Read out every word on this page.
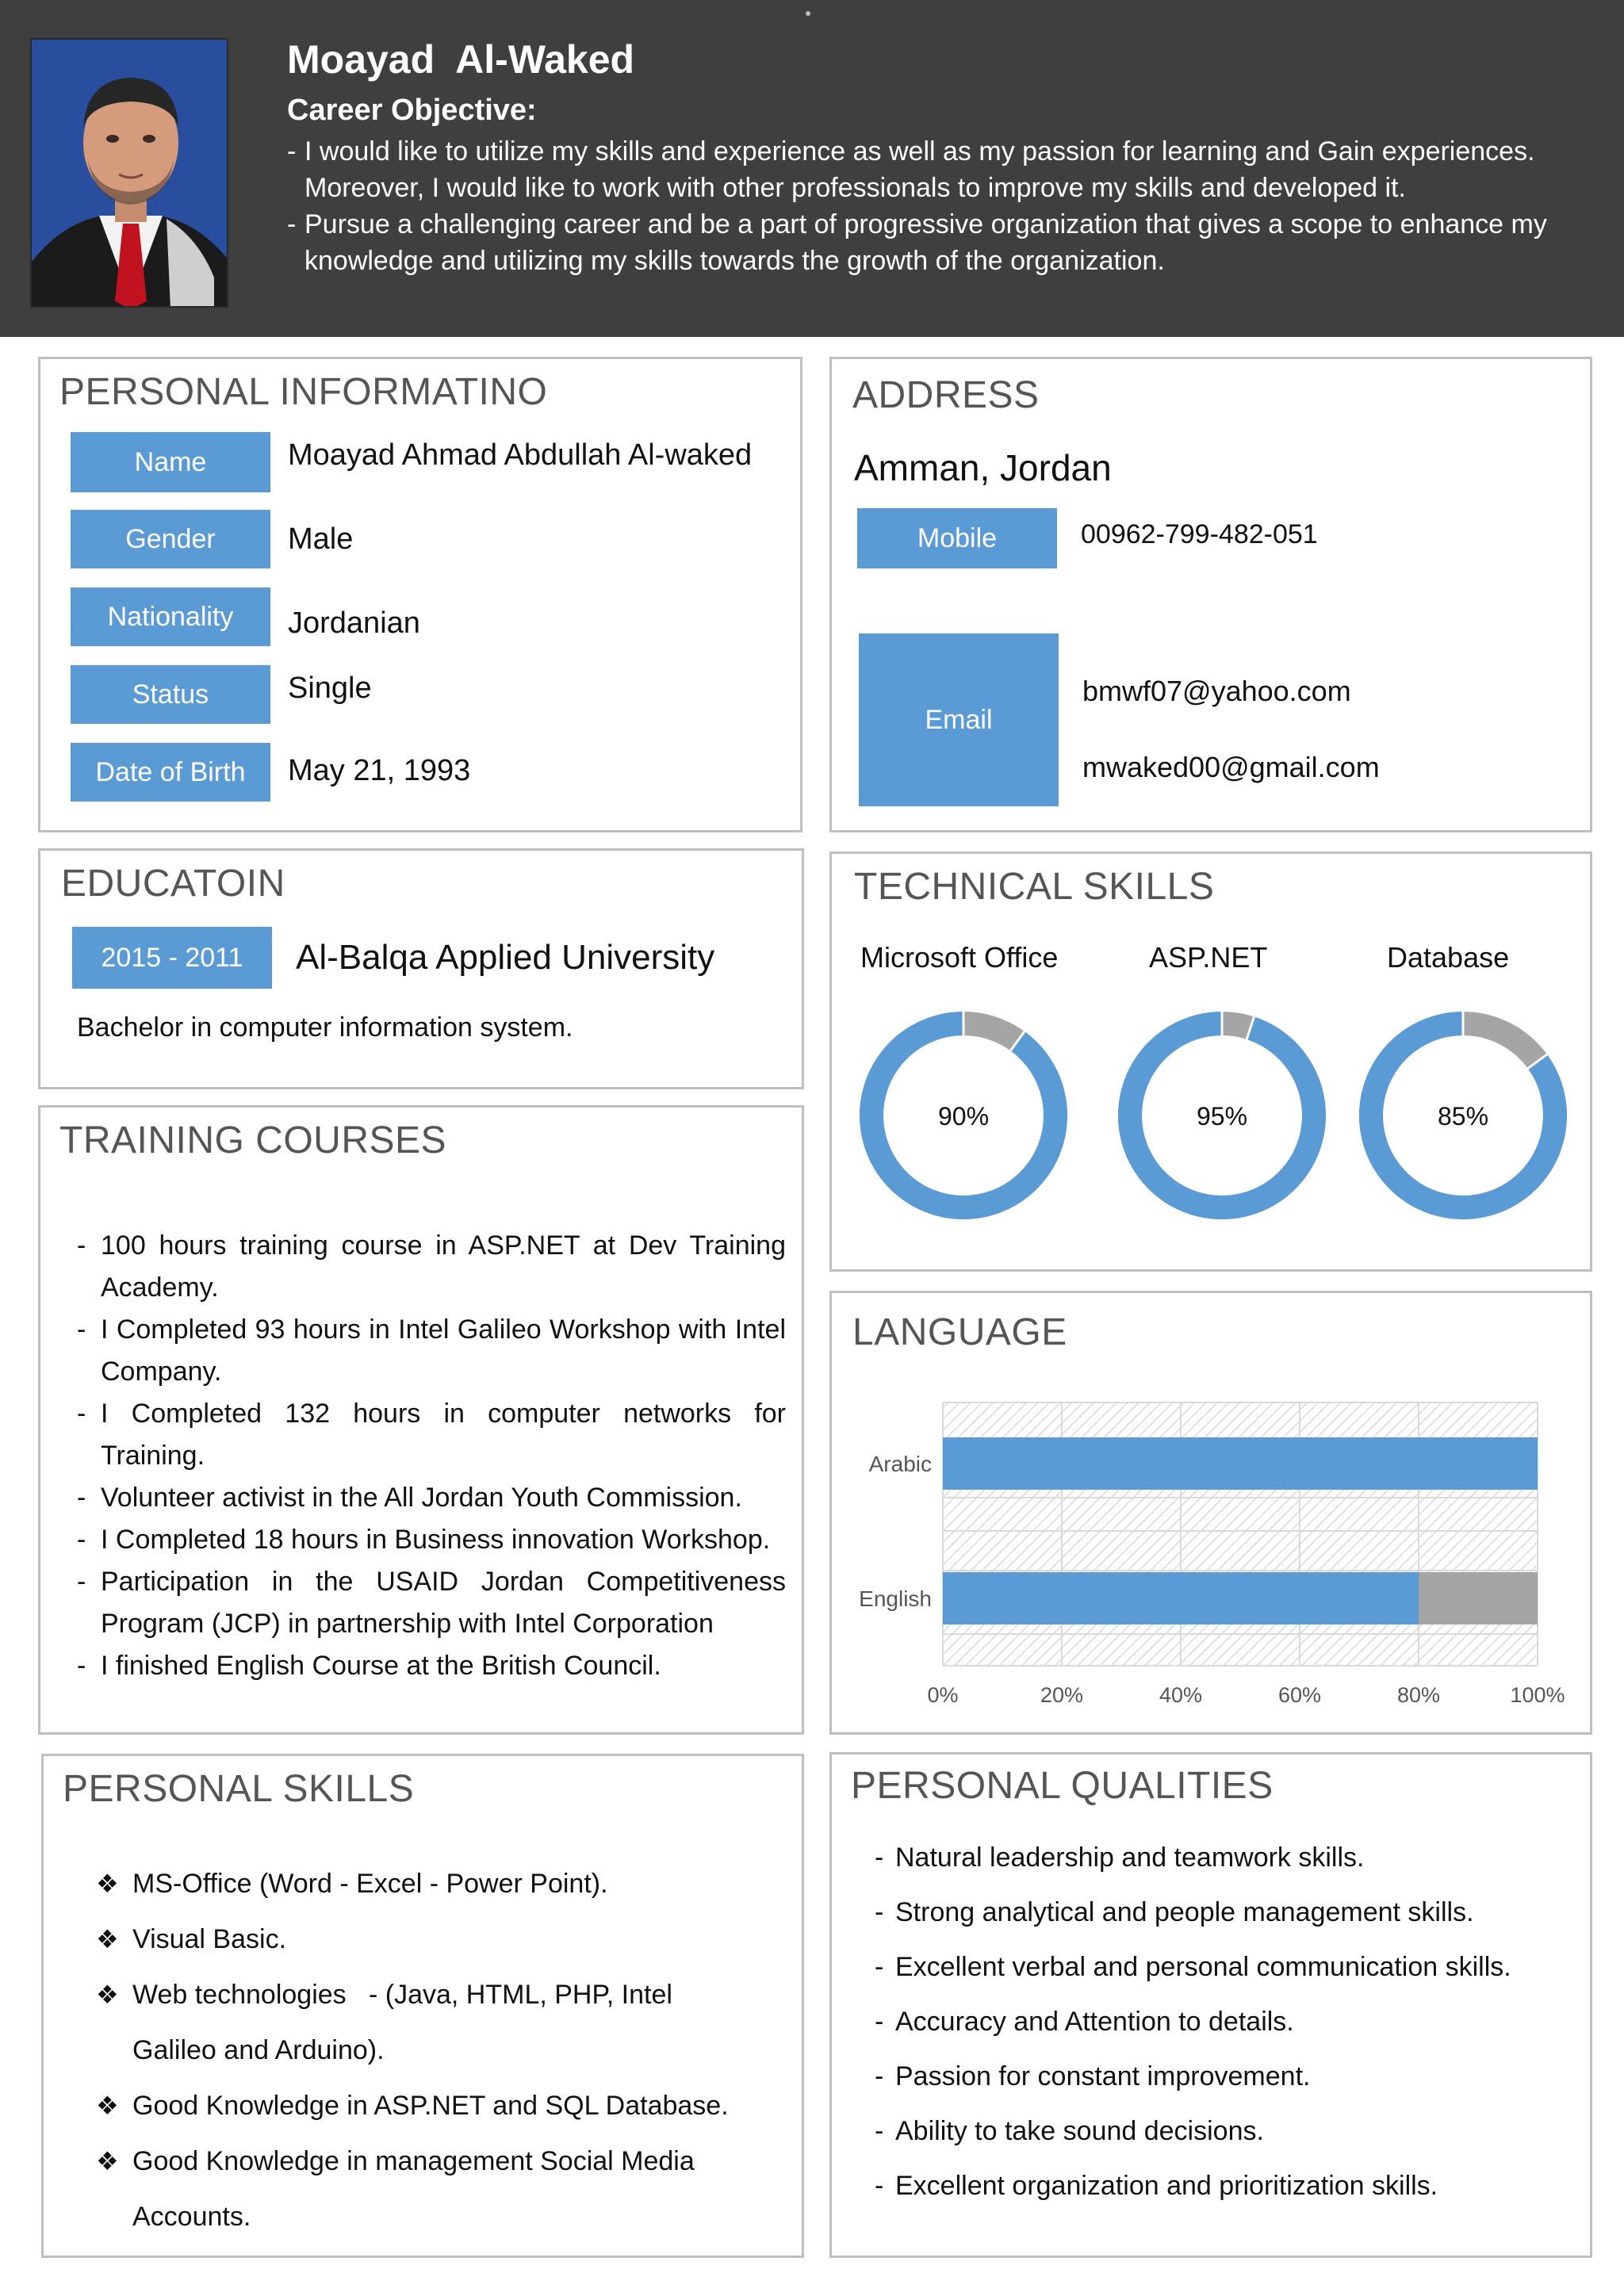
Moayad  Al-Waked
Career Objective:
- I would like to utilize my skills and experience as well as my passion for learning and Gain experiences.
Moreover, I would like to work with other professionals to improve my skills and developed it.
- Pursue a challenging career and be a part of progressive organization that gives a scope to enhance my
knowledge and utilizing my skills towards the growth of the organization.
PERSONAL INFORMATINO
Name	Moayad Ahmad Abdullah Al-waked
Gender	Male
Nationality	Jordanian
Status	Single
Date of Birth	May 21, 1993
ADDRESS
Amman, Jordan
Mobile	00962-799-482-051
Email
bmwf07@yahoo.com
mwaked00@gmail.com
EDUCATOIN
2015 - 2011	Al-Balqa Applied University
Bachelor in computer information system.
TECHNICAL SKILLS
Microsoft Office	ASP.NET	Database
90%	95%	85%
TRAINING COURSES
- 100 hours training course in ASP.NET at Dev Training Academy.
- I Completed 93 hours in Intel Galileo Workshop with Intel Company.
- I Completed 132 hours in computer networks for Training.
- Volunteer activist in the All Jordan Youth Commission.
- I Completed 18 hours in Business innovation Workshop.
- Participation in the USAID Jordan Competitiveness Program (JCP) in partnership with Intel Corporation
- I finished English Course at the British Council.
LANGUAGE
0%	20%	40%	60%	80%	100%
Arabic
English
PERSONAL SKILLS
❖ MS-Office (Word - Excel - Power Point).
❖ Visual Basic.
❖ Web technologies   - (Java, HTML, PHP, Intel Galileo and Arduino).
❖ Good Knowledge in ASP.NET and SQL Database.
❖ Good Knowledge in management Social Media Accounts.
PERSONAL QUALITIES
- Natural leadership and teamwork skills.
- Strong analytical and people management skills.
- Excellent verbal and personal communication skills.
- Accuracy and Attention to details.
- Passion for constant improvement.
- Ability to take sound decisions.
- Excellent organization and prioritization skills.
